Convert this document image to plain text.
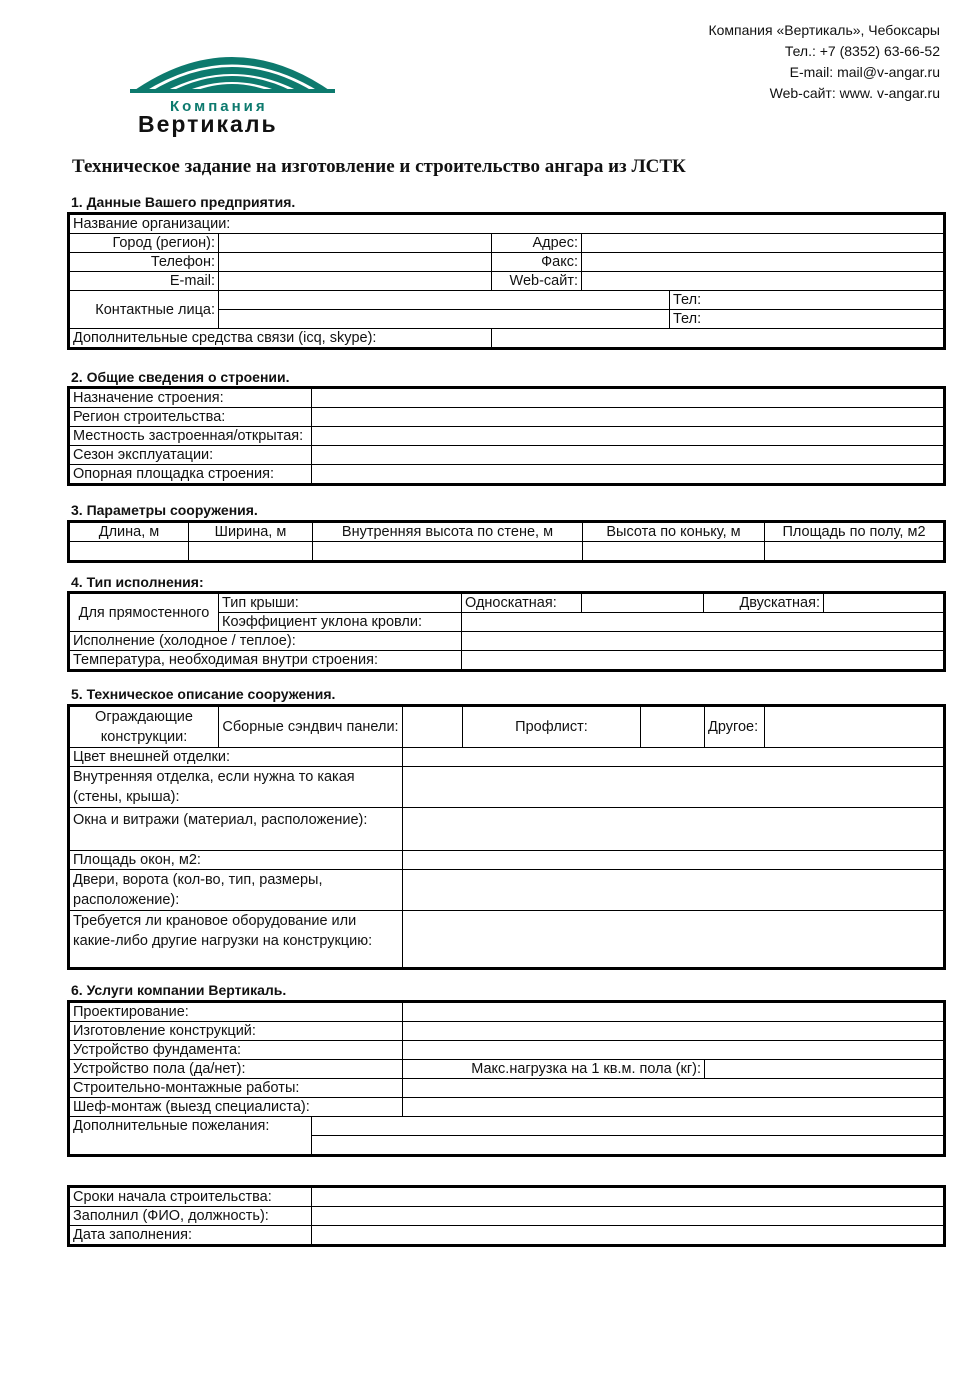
Компания «Вертикаль», Чебоксары
Тел.: +7 (8352) 63-66-52
E-mail: mail@v-angar.ru
Web-сайт: www. v-angar.ru
Компания
Вертикаль
Техническое задание на изготовление и строительство ангара из ЛСТК
1. Данные Вашего предприятия.
Название организации:				
Город (регион):		Адрес:		
Телефон:		Факс:		
E-mail:		Web-сайт:		
Контактные лица:				Тел:
				Тел:
Дополнительные средства связи (icq, skype):				
2. Общие сведения о строении.
Назначение строения:	
Регион строительства:	
Местность застроенная/открытая:	
Сезон эксплуатации:	
Опорная площадка строения:	
3. Параметры сооружения.
Длина, м	Ширина, м	Внутренняя высота по стене, м	Высота по коньку, м	Площадь по полу, м2

4. Тип исполнения:
Для прямостенного	Тип крыши:	Односкатная:		Двускатная:	
	Коэффициент уклона кровли:				
Исполнение (холодное / теплое):					
Температура, необходимая внутри строения:					
5. Техническое описание сооружения.
Ограждающие конструкции:	Сборные сэндвич панели:		Профлист:		Другое:	
Цвет внешней отделки:						
Внутренняя отделка, если нужна то какая (стены, крыша):						
Окна и витражи (материал, расположение):						
Площадь окон, м2:						
Двери, ворота (кол-во, тип, размеры, расположение):						
Требуется ли крановое оборудование или какие-либо другие нагрузки на конструкцию:						
6. Услуги компании Вертикаль.
Проектирование:			
Изготовление конструкций:			
Устройство фундамента:			
Устройство пола (да/нет):		Макс.нагрузка на 1 кв.м. пола (кг):	
Строительно-монтажные работы:			
Шеф-монтаж (выезд специалиста):			
Дополнительные пожелания:			

Сроки начала строительства:	
Заполнил (ФИО, должность):	
Дата заполнения:	
